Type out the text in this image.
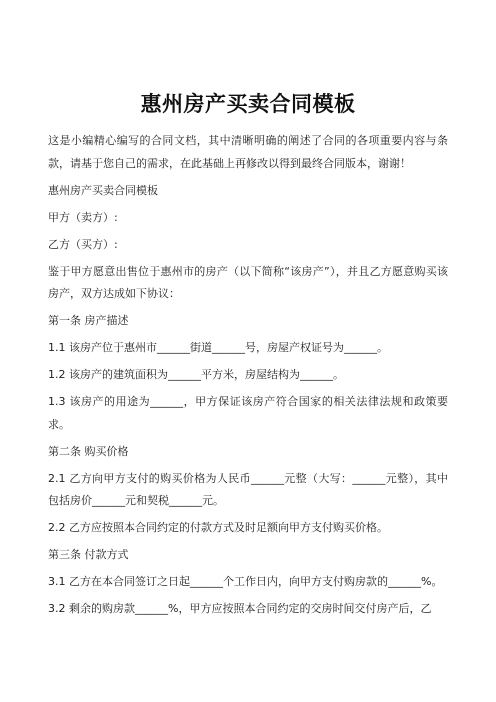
惠州房产买卖合同模板
这是小编精心编写的合同文档，其中清晰明确的阐述了合同的各项重要内容与条款，请基于您自己的需求，在此基础上再修改以得到最终合同版本，谢谢！
惠州房产买卖合同模板
甲方（卖方）:
乙方（买方）:
鉴于甲方愿意出售位于惠州市的房产（以下简称“该房产”），并且乙方愿意购买该房产，双方达成如下协议：
第一条 房产描述
1.1 该房产位于惠州市______街道______号，房屋产权证号为______。
1.2 该房产的建筑面积为______平方米，房屋结构为______。
1.3 该房产的用途为______，甲方保证该房产符合国家的相关法律法规和政策要求。
第二条 购买价格
2.1 乙方向甲方支付的购买价格为人民币______元整（大写：______元整），其中包括房价______元和契税______元。
2.2 乙方应按照本合同约定的付款方式及时足额向甲方支付购买价格。
第三条 付款方式
3.1 乙方在本合同签订之日起______个工作日内，向甲方支付购房款的______%。
3.2 剩余的购房款______%，甲方应按照本合同约定的交房时间交付房产后，乙
